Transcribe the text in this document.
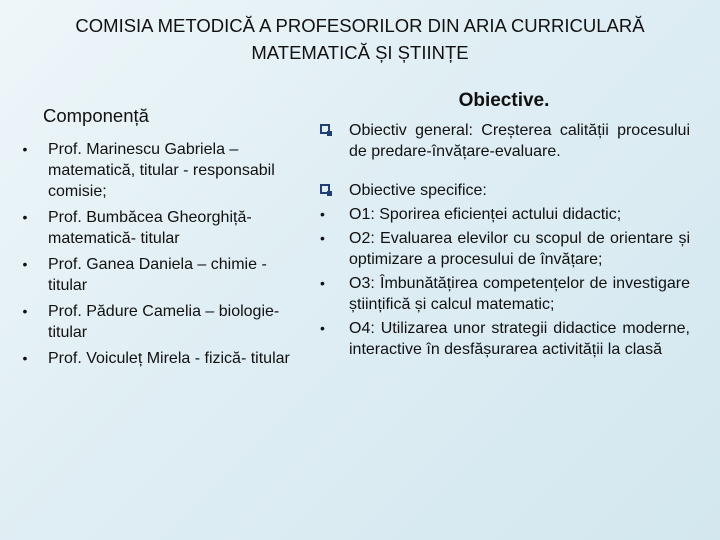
COMISIA METODICĂ A PROFESORILOR DIN ARIA CURRICULARĂ
MATEMATICĂ ȘI ȘTIINȚE
Componență
• Prof. Marinescu Gabriela – matematică, titular - responsabil comisie;
• Prof. Bumbăcea Gheorghiță- matematică- titular
• Prof. Ganea Daniela – chimie - titular
• Prof. Pădure Camelia – biologie- titular
• Prof. Voiculeț Mirela - fizică- titular
Obiective.
Obiectiv general: Creșterea calității procesului de predare-învățare-evaluare.
Obiective specifice:
•	O1: Sporirea eficienței actului didactic;
•	O2: Evaluarea elevilor cu scopul de orientare și optimizare a procesului de învățare;
•	O3: Îmbunătățirea competențelor de investigare științifică și calcul matematic;
•	O4: Utilizarea unor strategii didactice moderne, interactive în desfășurarea activității la clasă
